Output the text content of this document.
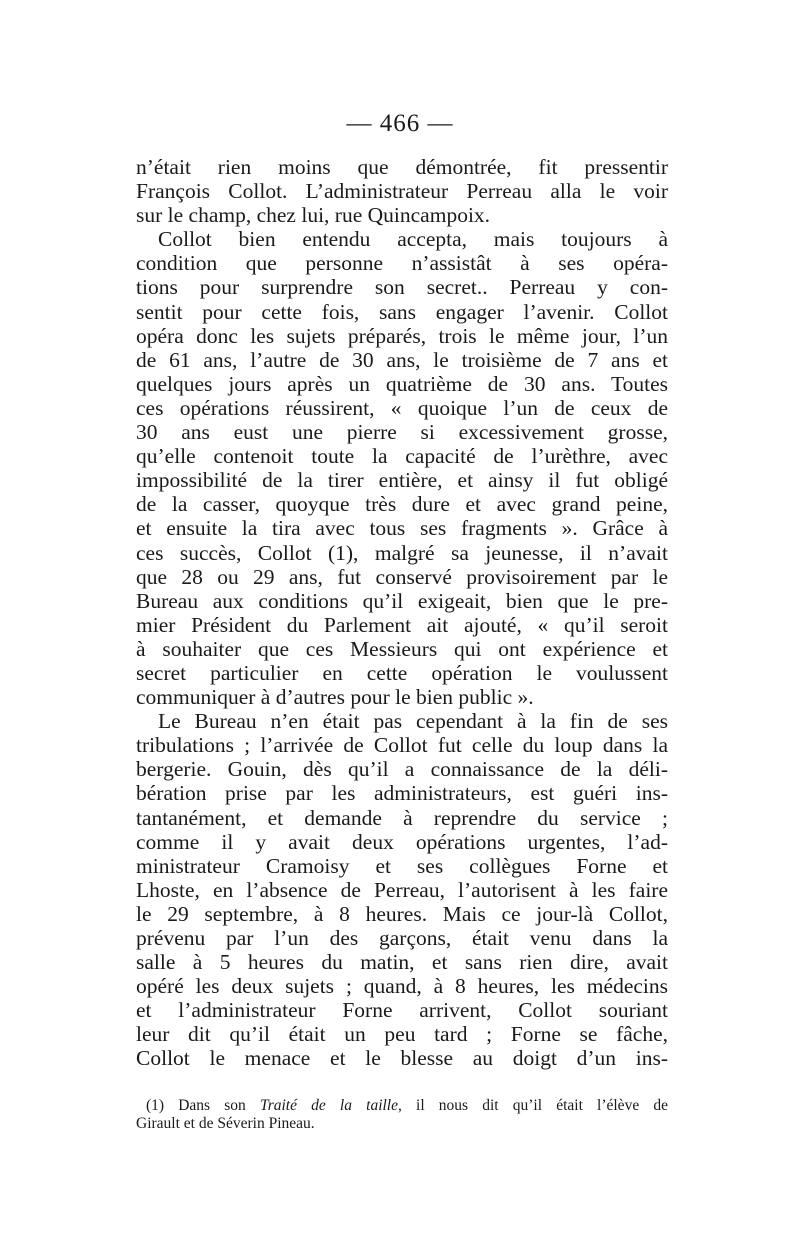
— 466 —
n’était rien moins que démontrée, fit pressentir
François Collot. L’administrateur Perreau alla le voir
sur le champ, chez lui, rue Quincampoix.
Collot bien entendu accepta, mais toujours à
condition que personne n’assistât à ses opéra-
tions pour surprendre son secret.. Perreau y con-
sentit pour cette fois, sans engager l’avenir. Collot
opéra donc les sujets préparés, trois le même jour, l’un
de 61 ans, l’autre de 30 ans, le troisième de 7 ans et
quelques jours après un quatrième de 30 ans. Toutes
ces opérations réussirent, « quoique l’un de ceux de
30 ans eust une pierre si excessivement grosse,
qu’elle contenoit toute la capacité de l’urèthre, avec
impossibilité de la tirer entière, et ainsy il fut obligé
de la casser, quoyque très dure et avec grand peine,
et ensuite la tira avec tous ses fragments ». Grâce à
ces succès, Collot (1), malgré sa jeunesse, il n’avait
que 28 ou 29 ans, fut conservé provisoirement par le
Bureau aux conditions qu’il exigeait, bien que le pre-
mier Président du Parlement ait ajouté, « qu’il seroit
à souhaiter que ces Messieurs qui ont expérience et
secret particulier en cette opération le voulussent
communiquer à d’autres pour le bien public ».
Le Bureau n’en était pas cependant à la fin de ses
tribulations ; l’arrivée de Collot fut celle du loup dans la
bergerie. Gouin, dès qu’il a connaissance de la déli-
bération prise par les administrateurs, est guéri ins-
tantanément, et demande à reprendre du service ;
comme il y avait deux opérations urgentes, l’ad-
ministrateur Cramoisy et ses collègues Forne et
Lhoste, en l’absence de Perreau, l’autorisent à les faire
le 29 septembre, à 8 heures. Mais ce jour-là Collot,
prévenu par l’un des garçons, était venu dans la
salle à 5 heures du matin, et sans rien dire, avait
opéré les deux sujets ; quand, à 8 heures, les médecins
et l’administrateur Forne arrivent, Collot souriant
leur dit qu’il était un peu tard ; Forne se fâche,
Collot le menace et le blesse au doigt d’un ins-
(1) Dans son Traité de la taille, il nous dit qu’il était l’élève de
Girault et de Séverin Pineau.
